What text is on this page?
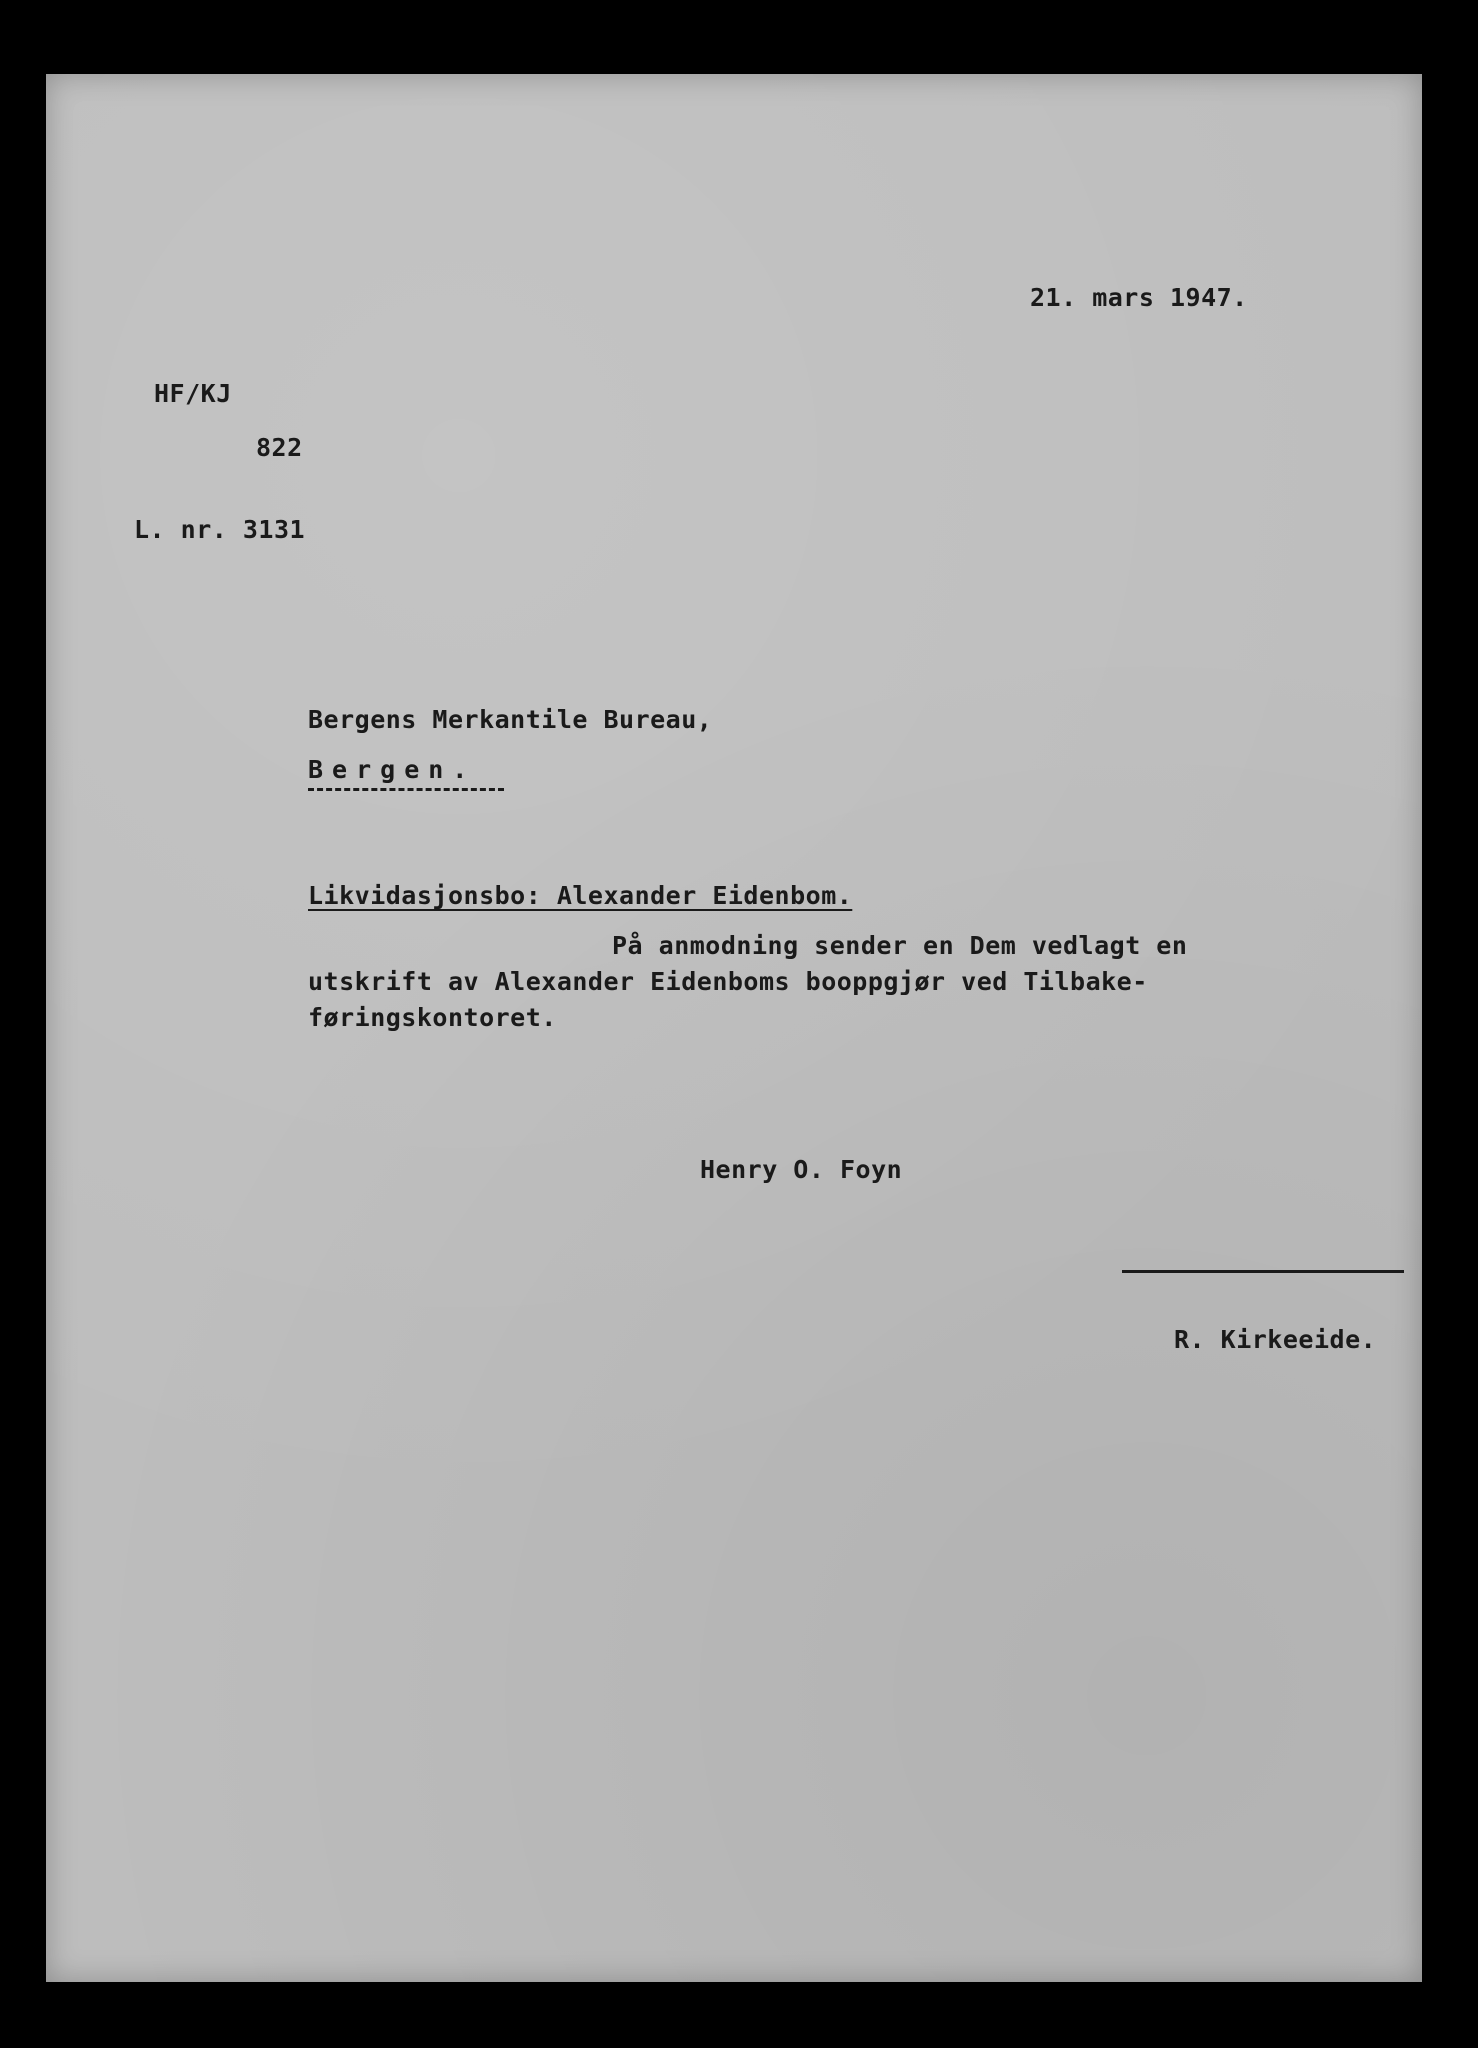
21. mars 1947.
HF/KJ
822
L. nr. 3131
Bergens Merkantile Bureau,
Bergen.
Likvidasjonsbo: Alexander Eidenbom.
På anmodning sender en Dem vedlagt en
utskrift av Alexander Eidenboms booppgjør ved Tilbake-
føringskontoret.
Henry O. Foyn
R. Kirkeeide.
